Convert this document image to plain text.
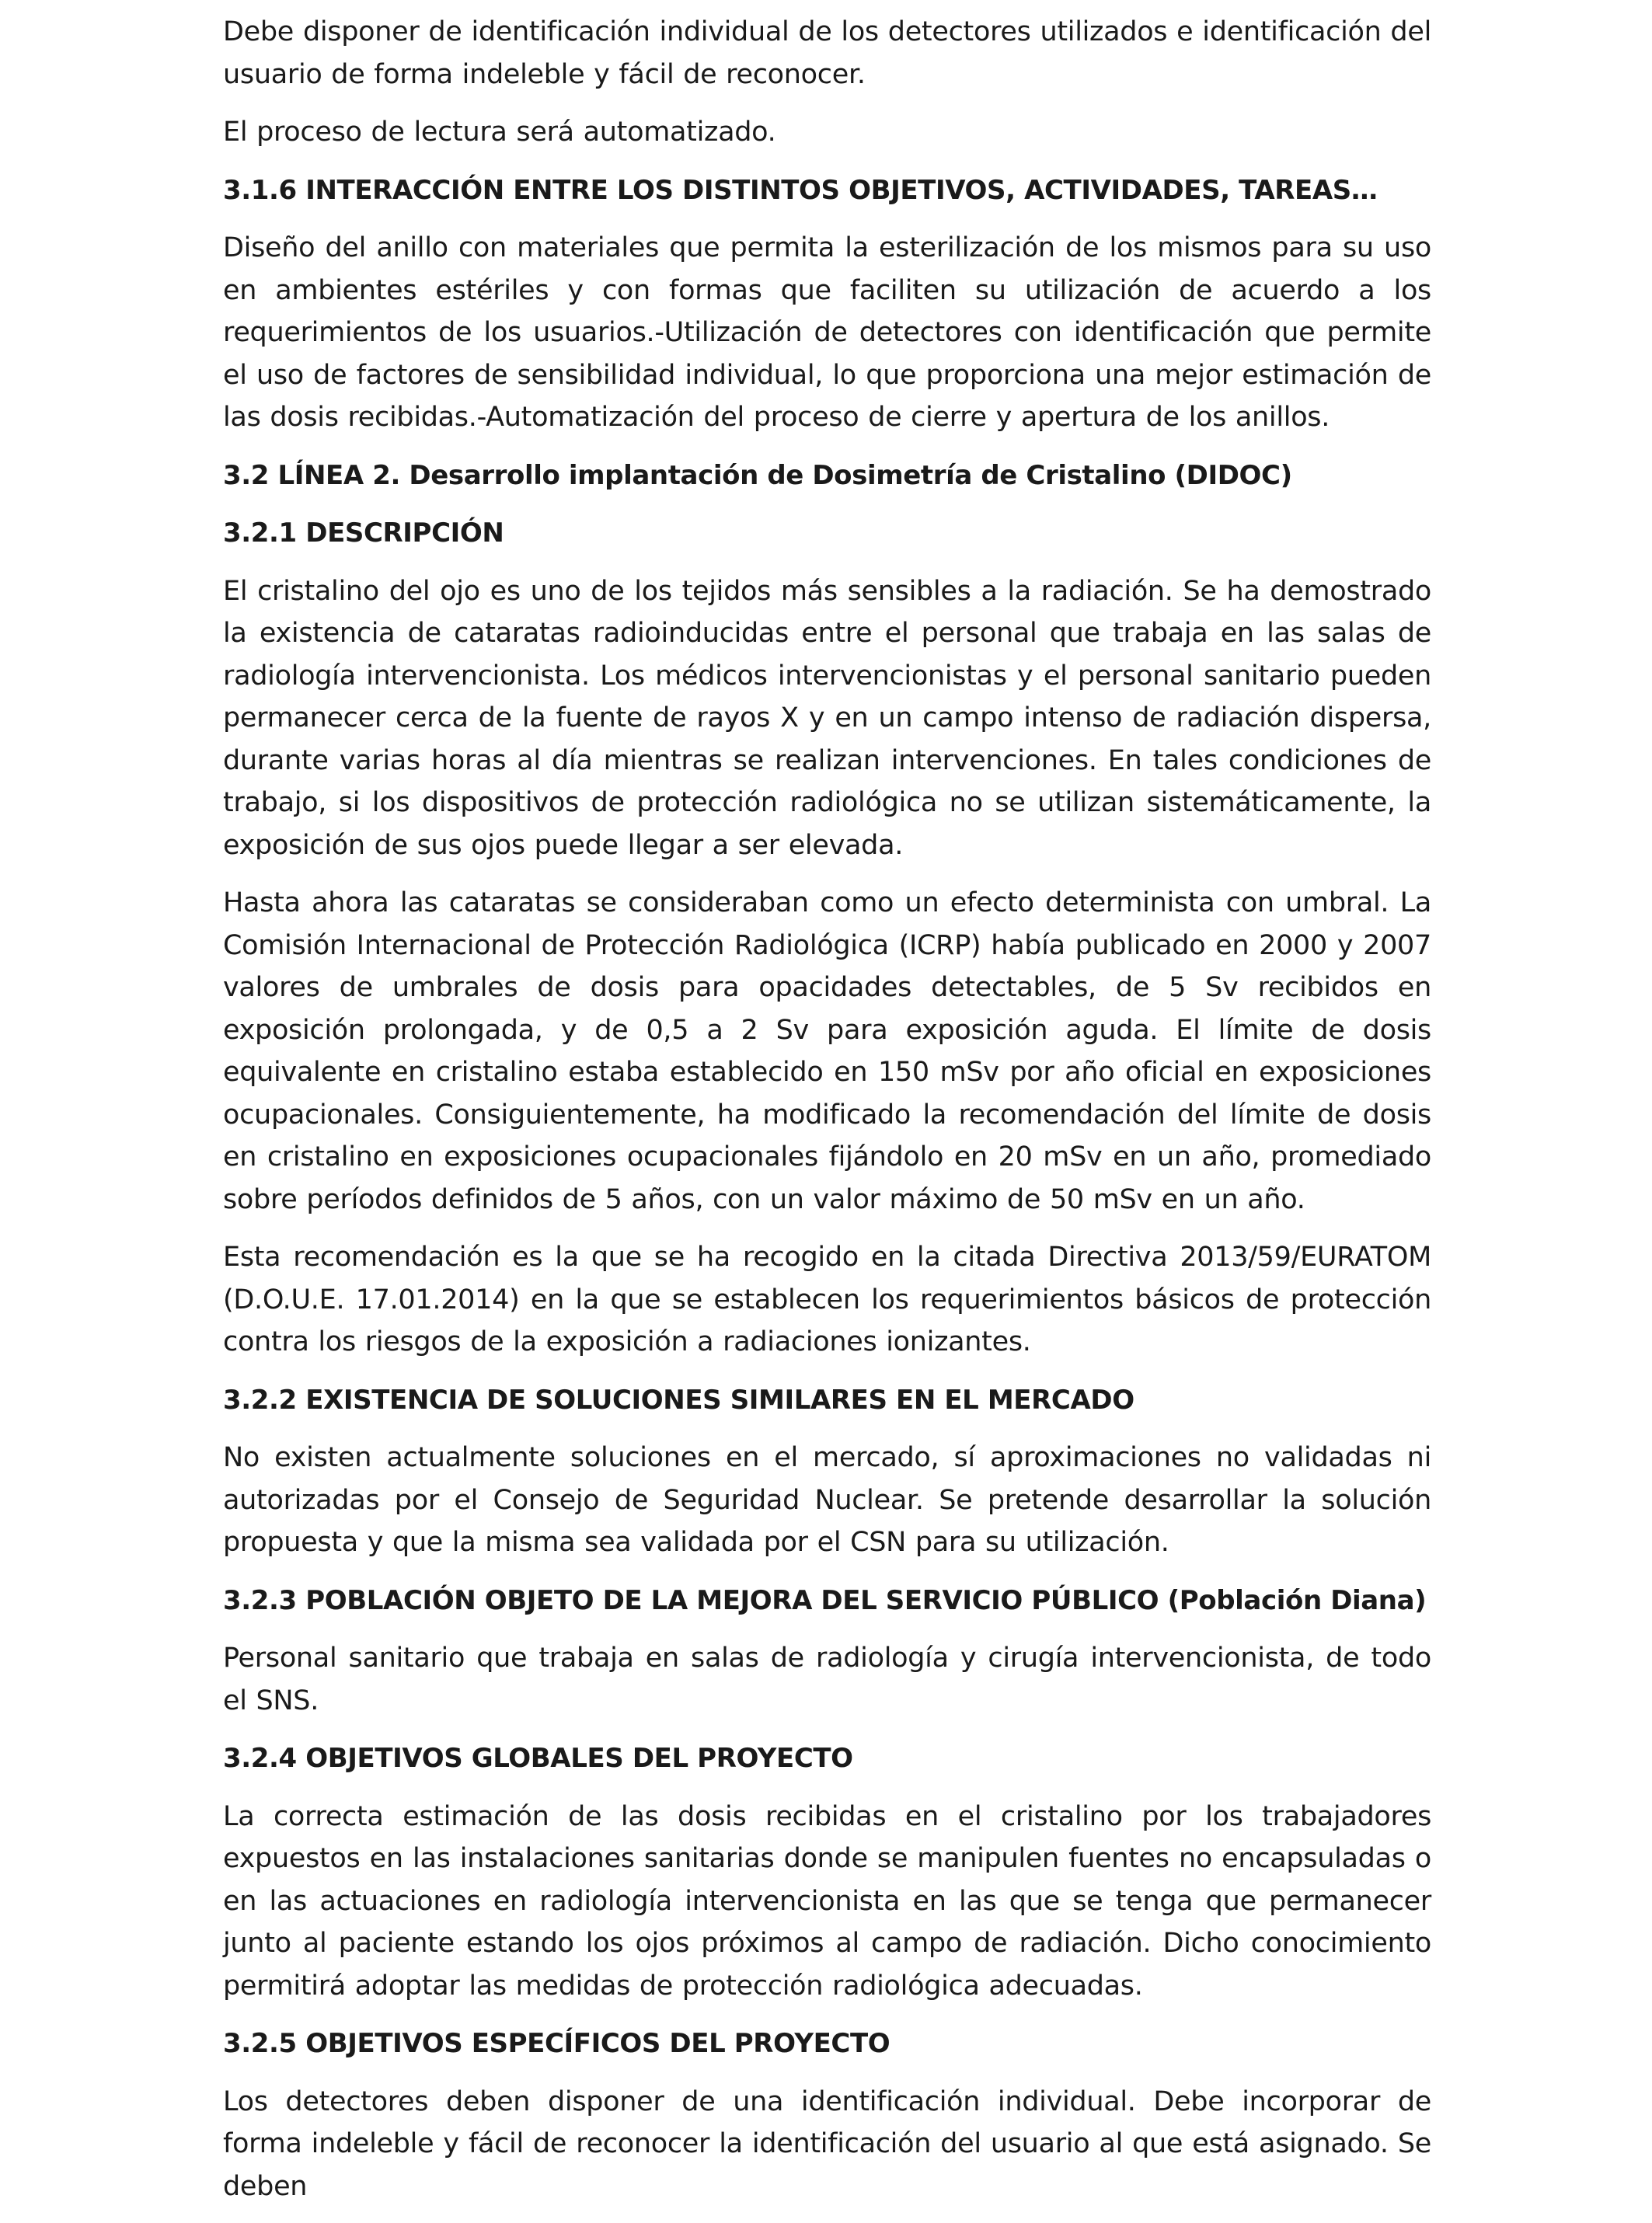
Debe disponer de identificación individual de los detectores utilizados e identificación del usuario de forma indeleble y fácil de reconocer.

El proceso de lectura será automatizado.

3.1.6 INTERACCIÓN ENTRE LOS DISTINTOS OBJETIVOS, ACTIVIDADES, TAREAS…

Diseño del anillo con materiales que permita la esterilización de los mismos para su uso en ambientes estériles y con formas que faciliten su utilización de acuerdo a los requerimientos de los usuarios.-Utilización de detectores con identificación que permite el uso de factores de sensibilidad individual, lo que proporciona una mejor estimación de las dosis recibidas.-Automatización del proceso de cierre y apertura de los anillos.

3.2 LÍNEA 2. Desarrollo implantación de Dosimetría de Cristalino (DIDOC)
3.2.1 DESCRIPCIÓN

El cristalino del ojo es uno de los tejidos más sensibles a la radiación. Se ha demostrado la existencia de cataratas radioinducidas entre el personal que trabaja en las salas de radiología intervencionista. Los médicos intervencionistas y el personal sanitario pueden permanecer cerca de la fuente de rayos X y en un campo intenso de radiación dispersa, durante varias horas al día mientras se realizan intervenciones. En tales condiciones de trabajo, si los dispositivos de protección radiológica no se utilizan sistemáticamente, la exposición de sus ojos puede llegar a ser elevada.

Hasta ahora las cataratas se consideraban como un efecto determinista con umbral. La Comisión Internacional de Protección Radiológica (ICRP) había publicado en 2000 y 2007 valores de umbrales de dosis para opacidades detectables, de 5 Sv recibidos en exposición prolongada, y de 0,5 a 2 Sv para exposición aguda. El límite de dosis equivalente en cristalino estaba establecido en 150 mSv por año oficial en exposiciones ocupacionales. Consiguientemente, ha modificado la recomendación del límite de dosis en cristalino en exposiciones ocupacionales fijándolo en 20 mSv en un año, promediado sobre períodos definidos de 5 años, con un valor máximo de 50 mSv en un año.

Esta recomendación es la que se ha recogido en la citada Directiva 2013/59/EURATOM (D.O.U.E. 17.01.2014) en la que se establecen los requerimientos básicos de protección contra los riesgos de la exposición a radiaciones ionizantes.

3.2.2 EXISTENCIA DE SOLUCIONES SIMILARES EN EL MERCADO

No existen actualmente soluciones en el mercado, sí aproximaciones no validadas ni autorizadas por el Consejo de Seguridad Nuclear. Se pretende desarrollar la solución propuesta y que la misma sea validada por el CSN para su utilización.

3.2.3 POBLACIÓN OBJETO DE LA MEJORA DEL SERVICIO PÚBLICO (Población Diana)

Personal sanitario que trabaja en salas de radiología y cirugía intervencionista, de todo el SNS.

3.2.4 OBJETIVOS GLOBALES DEL PROYECTO

La correcta estimación de las dosis recibidas en el cristalino por los trabajadores expuestos en las instalaciones sanitarias donde se manipulen fuentes no encapsuladas o en las actuaciones en radiología intervencionista en las que se tenga que permanecer junto al paciente estando los ojos próximos al campo de radiación. Dicho conocimiento permitirá adoptar las medidas de protección radiológica adecuadas.

3.2.5 OBJETIVOS ESPECÍFICOS DEL PROYECTO

Los detectores deben disponer de una identificación individual. Debe incorporar de forma indeleble y fácil de reconocer la identificación del usuario al que está asignado. Se deben
